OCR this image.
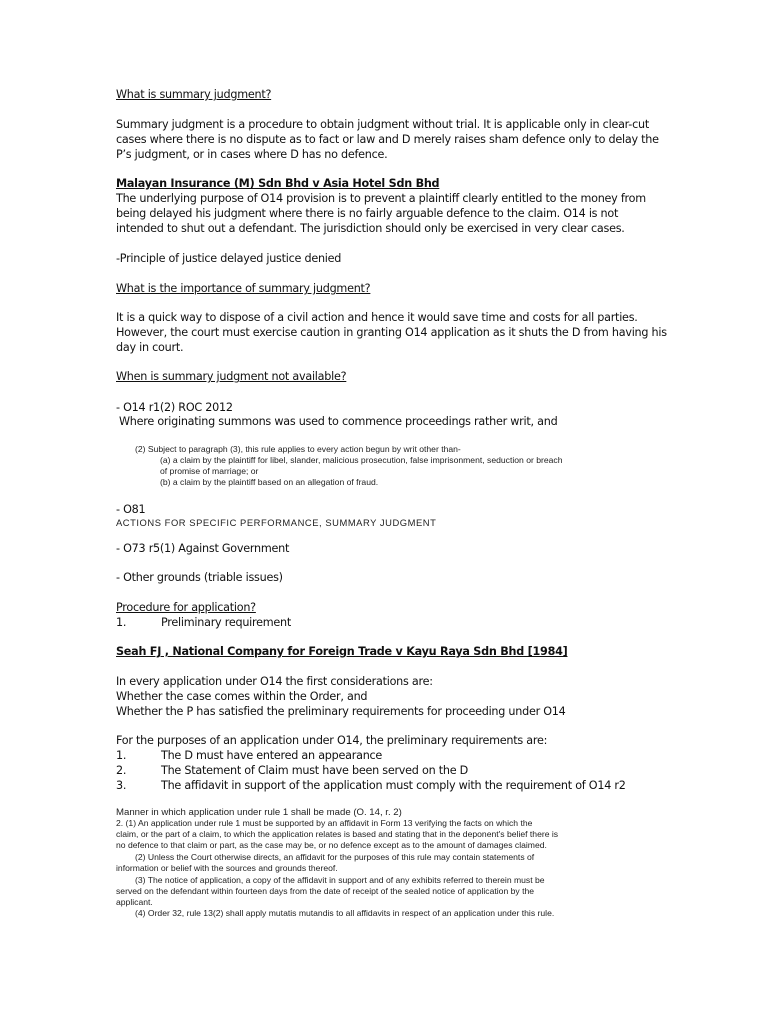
What is summary judgment?
Summary judgment is a procedure to obtain judgment without trial. It is applicable only in clear-cut
cases where there is no dispute as to fact or law and D merely raises sham defence only to delay the
P’s judgment, or in cases where D has no defence.
Malayan Insurance (M) Sdn Bhd v Asia Hotel Sdn Bhd
The underlying purpose of O14 provision is to prevent a plaintiff clearly entitled to the money from
being delayed his judgment where there is no fairly arguable defence to the claim. O14 is not
intended to shut out a defendant. The jurisdiction should only be exercised in very clear cases.
-Principle of justice delayed justice denied
What is the importance of summary judgment?
It is a quick way to dispose of a civil action and hence it would save time and costs for all parties.
However, the court must exercise caution in granting O14 application as it shuts the D from having his
day in court.
When is summary judgment not available?
- O14 r1(2) ROC 2012
Where originating summons was used to commence proceedings rather writ, and
(2) Subject to paragraph (3), this rule applies to every action begun by writ other than-
(a) a claim by the plaintiff for libel, slander, malicious prosecution, false imprisonment, seduction or breach
of promise of marriage; or
(b) a claim by the plaintiff based on an allegation of fraud.
- O81
ACTIONS FOR SPECIFIC PERFORMANCE, SUMMARY JUDGMENT
- O73 r5(1) Against Government
- Other grounds (triable issues)
Procedure for application?
1.	Preliminary requirement
Seah FJ , National Company for Foreign Trade v Kayu Raya Sdn Bhd [1984]
In every application under O14 the first considerations are:
Whether the case comes within the Order, and
Whether the P has satisfied the preliminary requirements for proceeding under O14
For the purposes of an application under O14, the preliminary requirements are:
1.	The D must have entered an appearance
2.	The Statement of Claim must have been served on the D
3.	The affidavit in support of the application must comply with the requirement of O14 r2
Manner in which application under rule 1 shall be made (O. 14, r. 2)
2. (1) An application under rule 1 must be supported by an affidavit in Form 13 verifying the facts on which the
claim, or the part of a claim, to which the application relates is based and stating that in the deponent's belief there is
no defence to that claim or part, as the case may be, or no defence except as to the amount of damages claimed.
(2) Unless the Court otherwise directs, an affidavit for the purposes of this rule may contain statements of
information or belief with the sources and grounds thereof.
(3) The notice of application, a copy of the affidavit in support and of any exhibits referred to therein must be
served on the defendant within fourteen days from the date of receipt of the sealed notice of application by the
applicant.
(4) Order 32, rule 13(2) shall apply mutatis mutandis to all affidavits in respect of an application under this rule.
